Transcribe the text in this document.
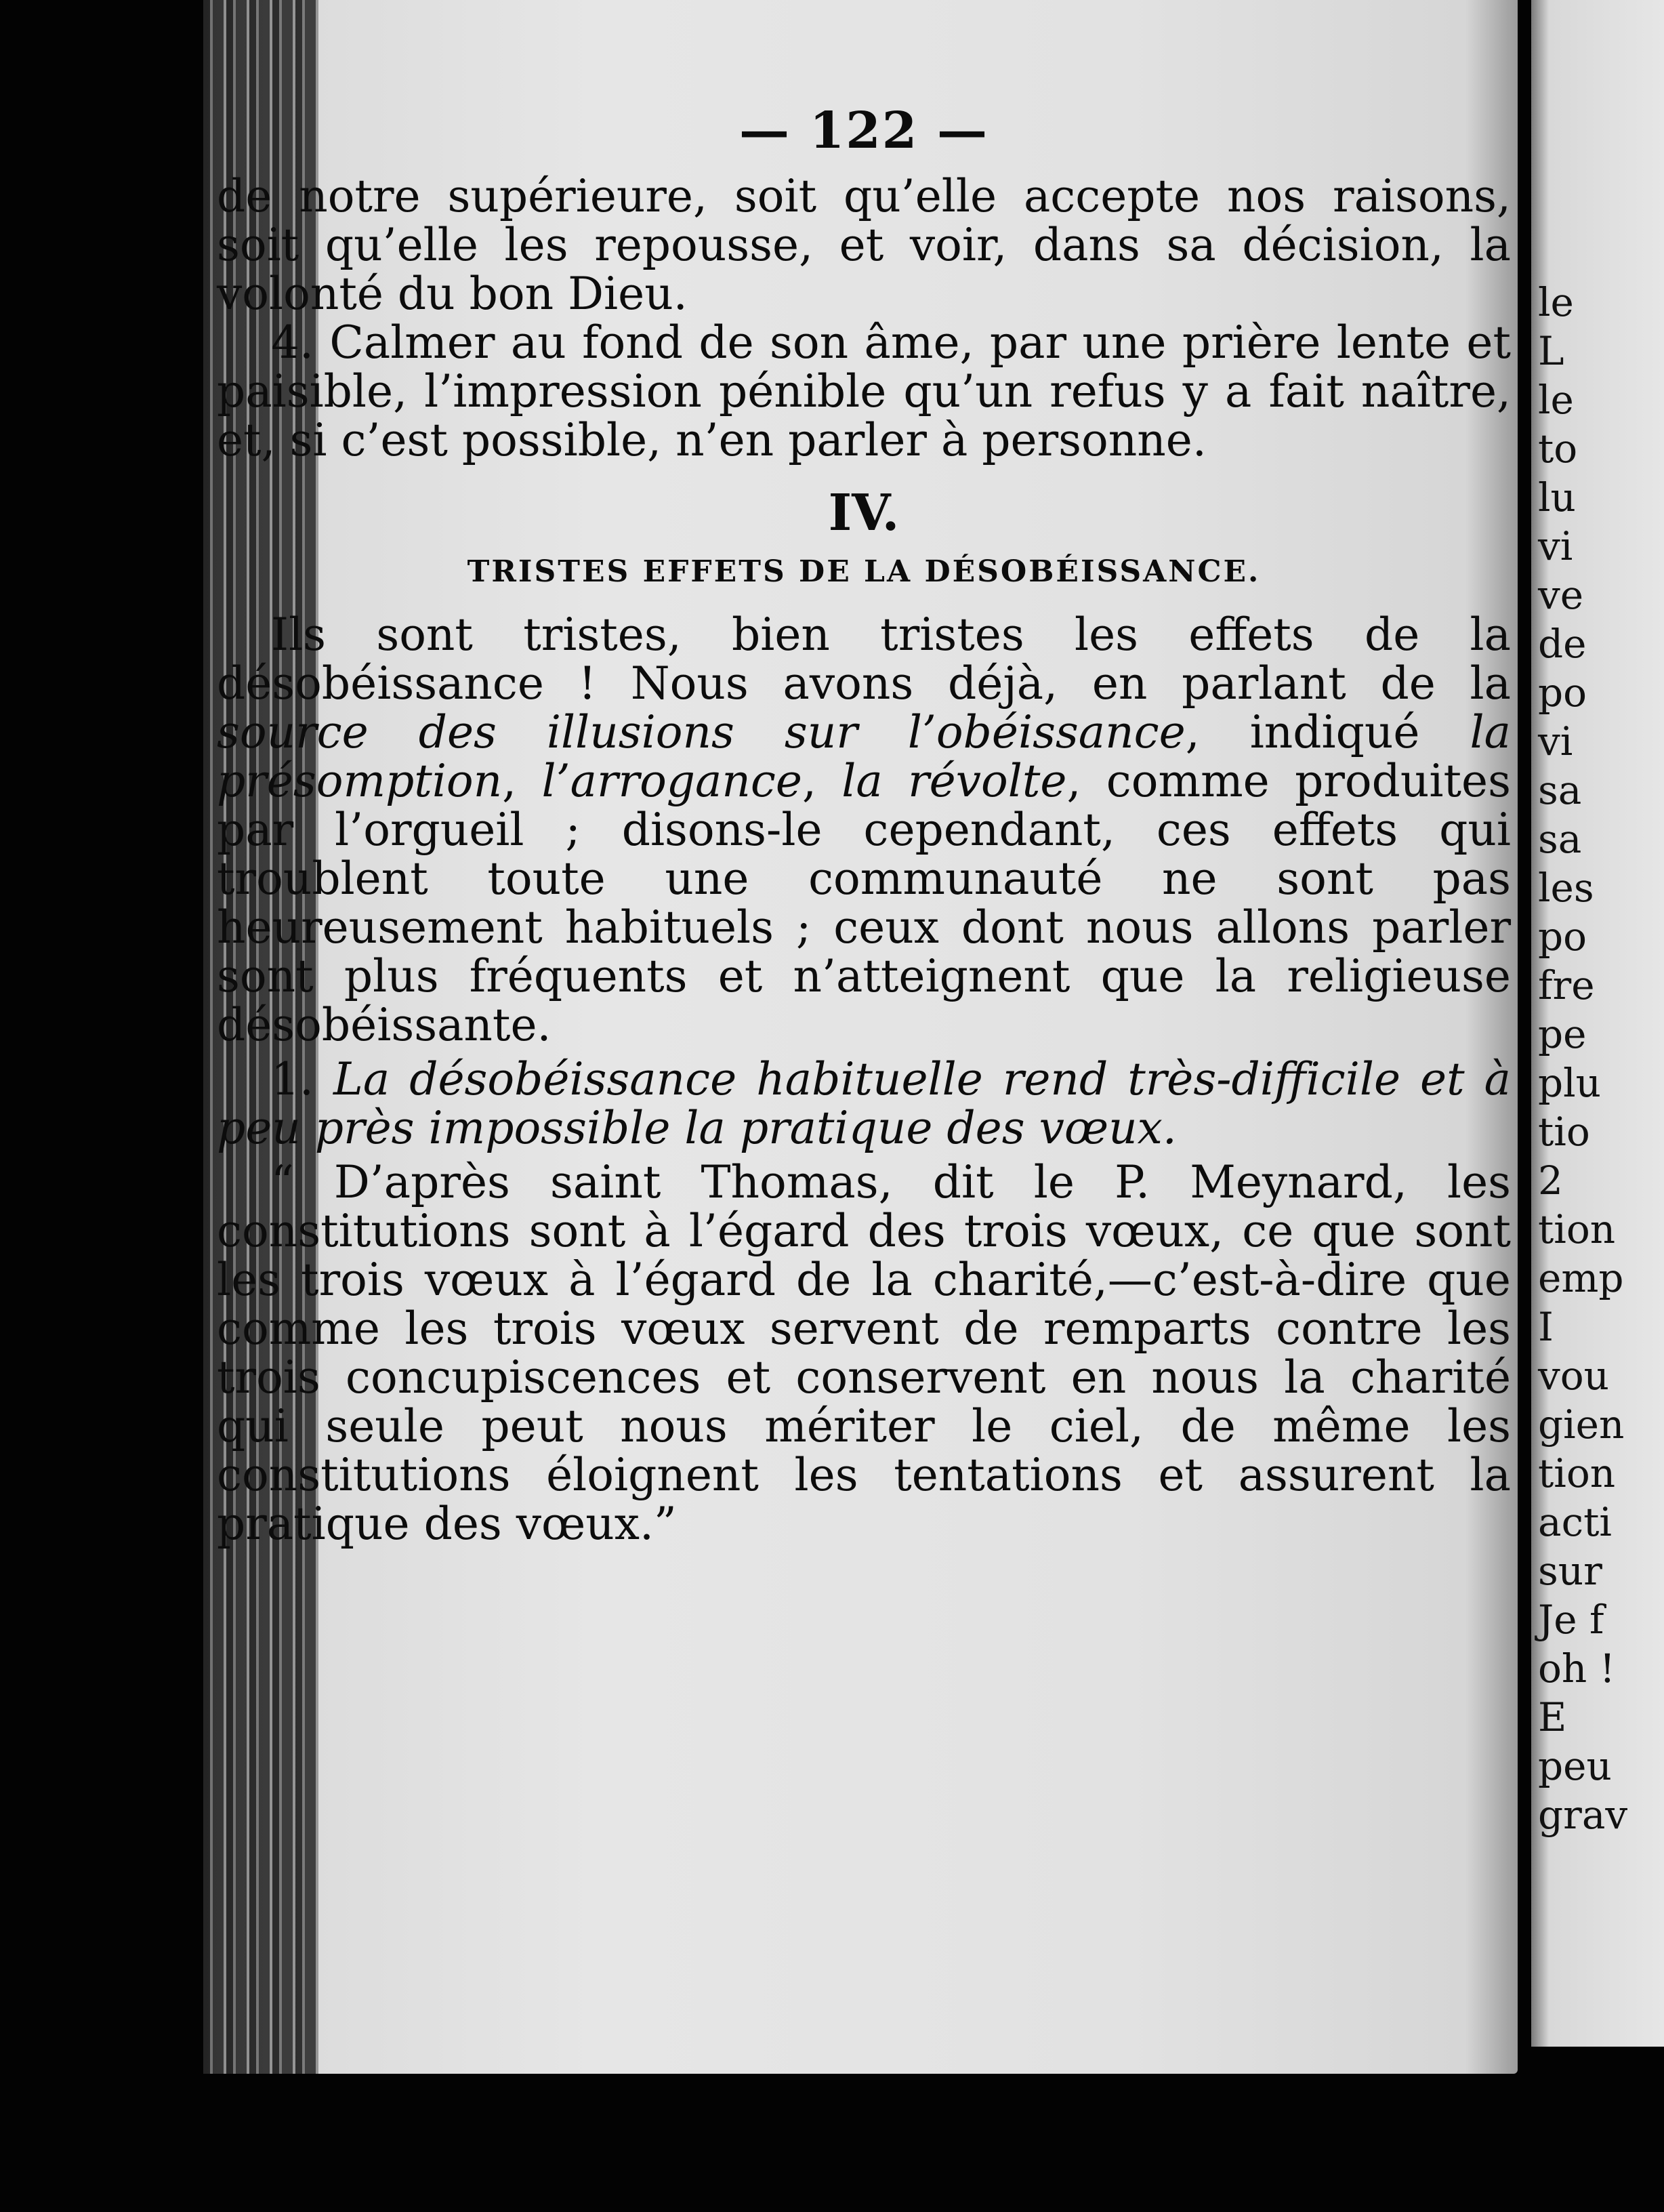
le
L
le
to
lu
vi
ve
de
po
vi
sa
sa
les
po
fre
pe
plu
tio
2
tion
emp
I
vou
gien
tion
acti
sur
Je f
oh !
E
peu
grav
— 122 —

de notre supérieure, soit qu’elle accepte nos raisons, soit qu’elle les repousse, et voir, dans sa décision, la volonté du bon Dieu.

4. Calmer au fond de son âme, par une prière lente et paisible, l’impression pénible qu’un refus y a fait naître, et, si c’est possible, n’en parler à personne.

IV.
TRISTES EFFETS DE LA DÉSOBÉISSANCE.

Ils sont tristes, bien tristes les effets de la désobéissance ! Nous avons déjà, en parlant de la source des illusions sur l’obéissance, indiqué la présomption, l’arrogance, la révolte, comme produites par l’orgueil ; disons-le cependant, ces effets qui troublent toute une communauté ne sont pas heureusement habituels ; ceux dont nous allons parler sont plus fréquents et n’atteignent que la religieuse désobéissante.

1. La désobéissance habituelle rend très-difficile et à peu près impossible la pratique des vœux.

“ D’après saint Thomas, dit le P. Meynard, les constitutions sont à l’égard des trois vœux, ce que sont les trois vœux à l’égard de la charité,—c’est-à-dire que comme les trois vœux servent de remparts contre les trois concupiscences et conservent en nous la charité qui seule peut nous mériter le ciel, de même les constitutions éloignent les tentations et assurent la pratique des vœux.”
